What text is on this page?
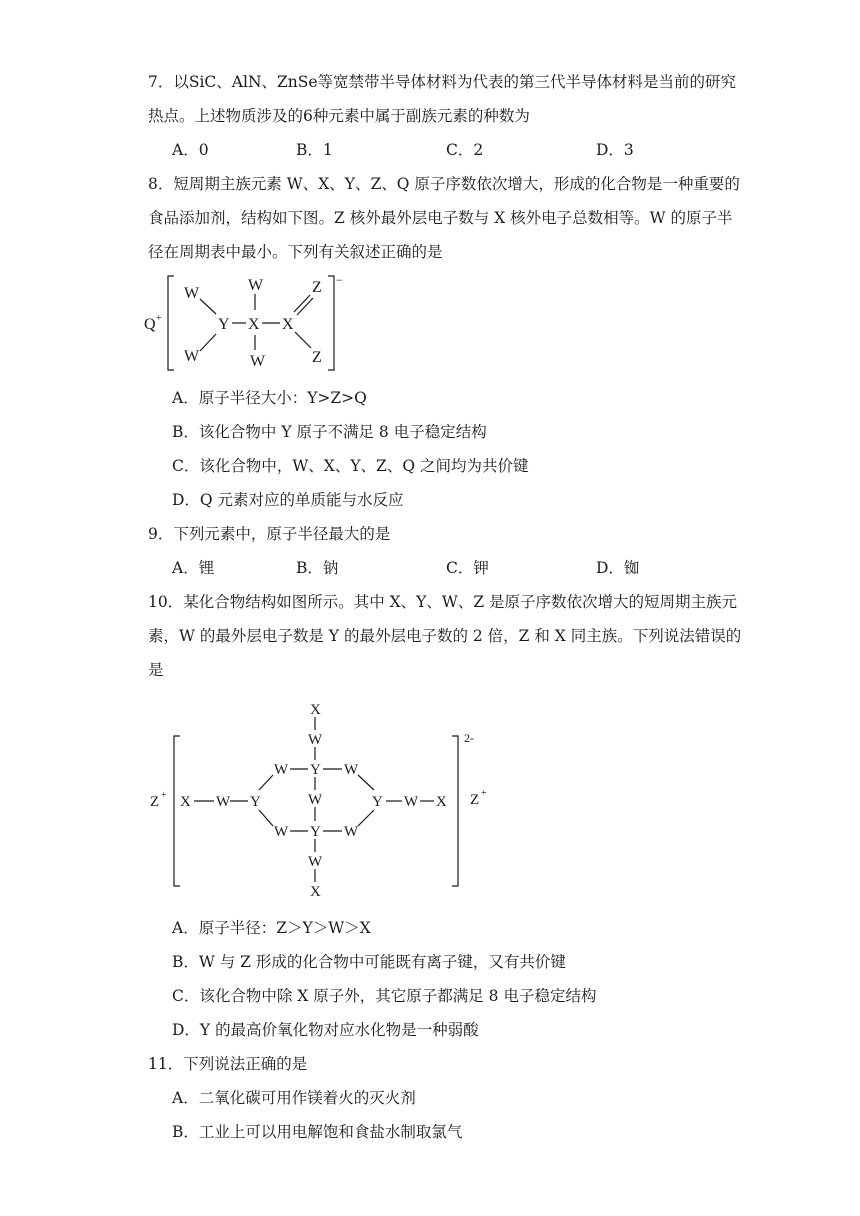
7．以SiC、AlN、ZnSe等宽禁带半导体材料为代表的第三代半导体材料是当前的研究
热点。上述物质涉及的6种元素中属于副族元素的种数为
A．0	B．1	C．2	D．3
8．短周期主族元素 W、X、Y、Z、Q 原子序数依次增大，形成的化合物是一种重要的
食品添加剂，结构如下图。Z 核外最外层电子数与 X 核外电子总数相等。W 的原子半
径在周期表中最小。下列有关叙述正确的是
Q +
−
W	W	Z
Y X X
W	W	Z
A．原子半径大小：Y>Z>Q
B．该化合物中 Y 原子不满足 8 电子稳定结构
C．该化合物中，W、X、Y、Z、Q 之间均为共价键
D．Q 元素对应的单质能与水反应
9．下列元素中，原子半径最大的是
A．锂	B．钠	C．钾	D．铷
10．某化合物结构如图所示。其中 X、Y、W、Z 是原子序数依次增大的短周期主族元
素，W 的最外层电子数是 Y 的最外层电子数的 2 倍，Z 和 X 同主族。下列说法错误的
是
Z +	Z +
2-
X
W
W Y W
X W Y	W	Y W X
W Y W
W
X
A．原子半径：Z＞Y＞W＞X
B．W 与 Z 形成的化合物中可能既有离子键，又有共价键
C．该化合物中除 X 原子外，其它原子都满足 8 电子稳定结构
D．Y 的最高价氧化物对应水化物是一种弱酸
11．下列说法正确的是
A．二氧化碳可用作镁着火的灭火剂
B．工业上可以用电解饱和食盐水制取氯气
